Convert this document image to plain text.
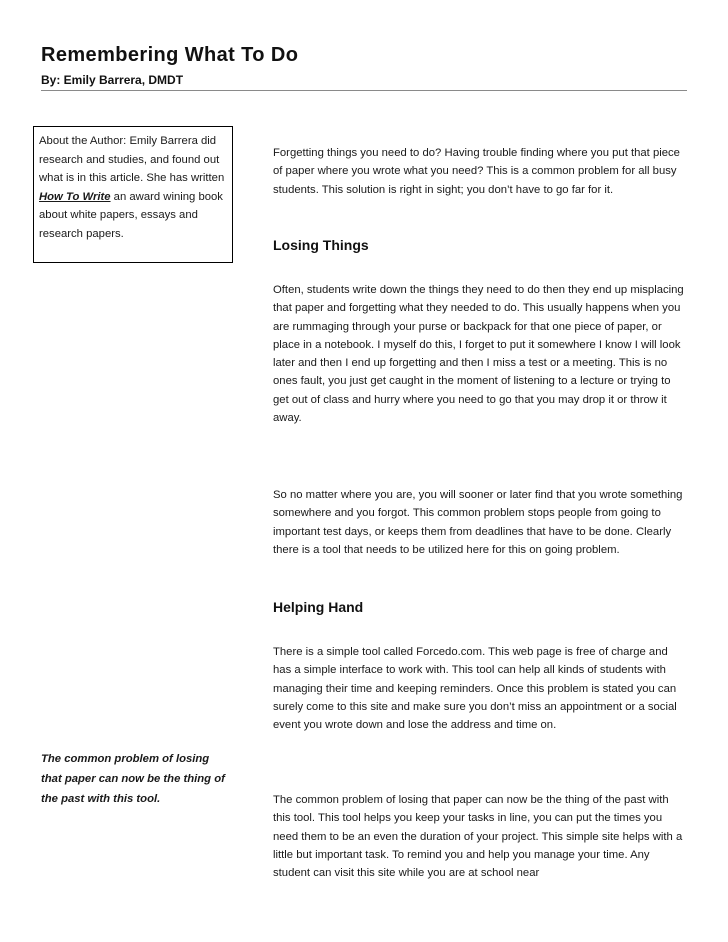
Remembering What To Do

By: Emily Barrera, DMDT

About the Author: Emily Barrera did research and studies, and found out what is in this article. She has written How To Write an award wining book about white papers, essays and research papers.

The common problem of losing that paper can now be the thing of the past with this tool.

Forgetting things you need to do? Having trouble finding where you put that piece of paper where you wrote what you need? This is a common problem for all busy students. This solution is right in sight; you don’t have to go far for it.

Losing Things

Often, students write down the things they need to do then they end up misplacing that paper and forgetting what they needed to do. This usually happens when you are rummaging through your purse or backpack for that one piece of paper, or place in a notebook. I myself do this, I forget to put it somewhere I know I will look later and then I end up forgetting and then I miss a test or a meeting. This is no ones fault, you just get caught in the moment of listening to a lecture or trying to get out of class and hurry where you need to go that you may drop it or throw it away.

So no matter where you are, you will sooner or later find that you wrote something somewhere and you forgot. This common problem stops people from going to important test days, or keeps them from deadlines that have to be done. Clearly there is a tool that needs to be utilized here for this on going problem.

Helping Hand

There is a simple tool called Forcedo.com. This web page is free of charge and has a simple interface to work with. This tool can help all kinds of students with managing their time and keeping reminders. Once this problem is stated you can surely come to this site and make sure you don’t miss an appointment or a social event you wrote down and lose the address and time on.

The common problem of losing that paper can now be the thing of the past with this tool. This tool helps you keep your tasks in line, you can put the times you need them to be an even the duration of your project. This simple site helps with a little but important task. To remind you and help you manage your time. Any student can visit this site while you are at school near
